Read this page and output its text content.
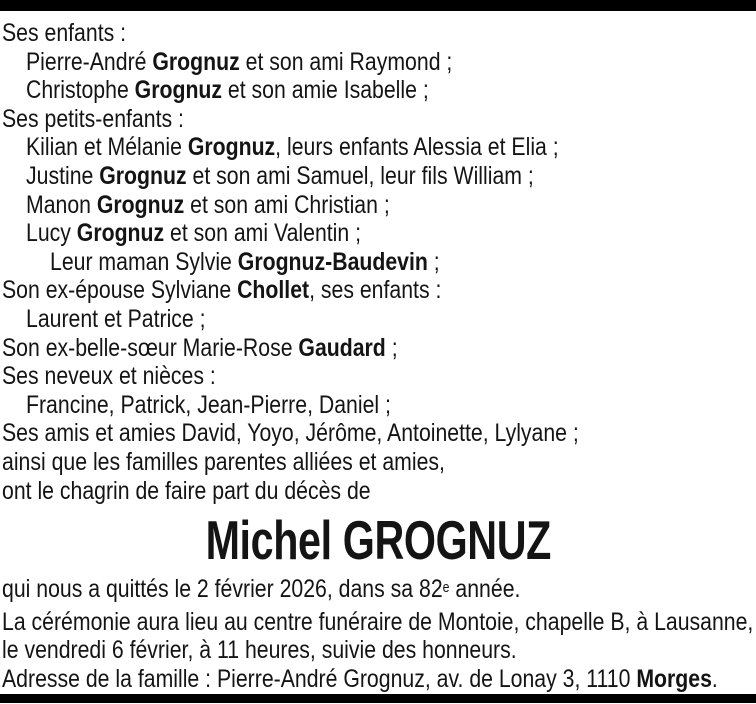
Ses enfants :
Pierre-André Grognuz et son ami Raymond ;
Christophe Grognuz et son amie Isabelle ;
Ses petits-enfants :
Kilian et Mélanie Grognuz, leurs enfants Alessia et Elia ;
Justine Grognuz et son ami Samuel, leur fils William ;
Manon Grognuz et son ami Christian ;
Lucy Grognuz et son ami Valentin ;
Leur maman Sylvie Grognuz-Baudevin ;
Son ex-épouse Sylviane Chollet, ses enfants :
Laurent et Patrice ;
Son ex-belle-sœur Marie-Rose Gaudard ;
Ses neveux et nièces :
Francine, Patrick, Jean-Pierre, Daniel ;
Ses amis et amies David, Yoyo, Jérôme, Antoinette, Lylyane ;
ainsi que les familles parentes alliées et amies,
ont le chagrin de faire part du décès de
Michel GROGNUZ
qui nous a quittés le 2 février 2026, dans sa 82e année.
La cérémonie aura lieu au centre funéraire de Montoie, chapelle B, à Lausanne,
le vendredi 6 février, à 11 heures, suivie des honneurs.
Adresse de la famille : Pierre-André Grognuz, av. de Lonay 3, 1110 Morges.
